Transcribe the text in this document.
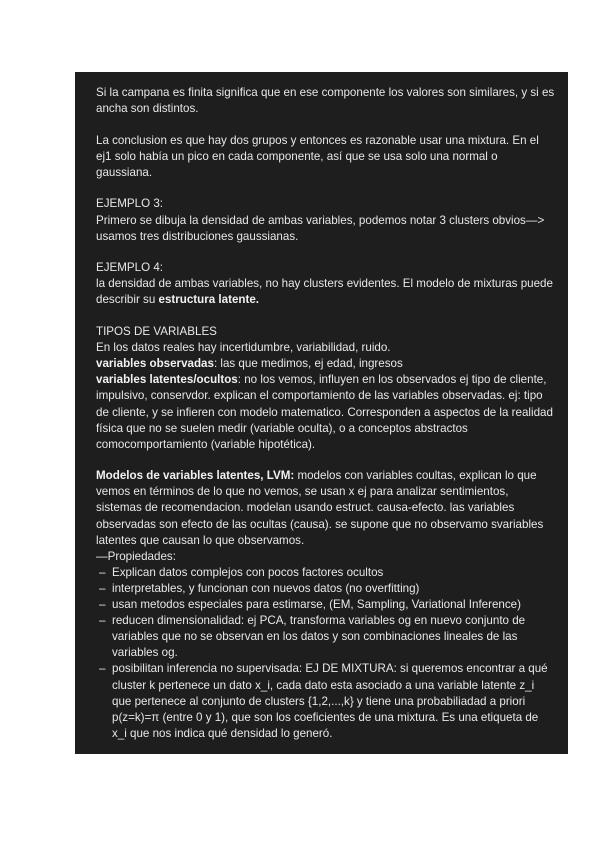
Si la campana es finita significa que en ese componente los valores son similares, y si es ancha son distintos.

La conclusion es que hay dos grupos y entonces es razonable usar una mixtura. En el ej1 solo había un pico en cada componente, así que se usa solo una normal o gaussiana.

EJEMPLO 3:
Primero se dibuja la densidad de ambas variables, podemos notar 3 clusters obvios—> usamos tres distribuciones gaussianas.
EJEMPLO 4:
la densidad de ambas variables, no hay clusters evidentes. El modelo de mixturas puede describir su estructura latente.
TIPOS DE VARIABLES
En los datos reales hay incertidumbre, variabilidad, ruido.
variables observadas: las que medimos, ej edad, ingresos
variables latentes/ocultos: no los vemos, influyen en los observados ej tipo de cliente, impulsivo, conservdor. explican el comportamiento de las variables observadas. ej: tipo de cliente, y se infieren con modelo matematico. Corresponden a aspectos de la realidad física que no se suelen medir (variable oculta), o a conceptos abstractos comocomportamiento (variable hipotética).
Modelos de variables latentes, LVM: modelos con variables coultas, explican lo que vemos en términos de lo que no vemos, se usan x ej para analizar sentimientos, sistemas de recomendacion. modelan usando estruct. causa-efecto. las variables observadas son efecto de las ocultas (causa). se supone que no observamo svariables latentes que causan lo que observamos.
—Propiedades:
– Explican datos complejos con pocos factores ocultos
– interpretables, y funcionan con nuevos datos (no overfitting)
– usan metodos especiales para estimarse, (EM, Sampling, Variational Inference)
– reducen dimensionalidad: ej PCA, transforma variables og en nuevo conjunto de variables que no se observan en los datos y son combinaciones lineales de las variables og.
– posibilitan inferencia no supervisada: EJ DE MIXTURA: si queremos encontrar a qué cluster k pertenece un dato x_i, cada dato esta asociado a una variable latente z_i que pertenece al conjunto de clusters {1,2,...,k} y tiene una probabiliadad a priori p(z=k)=π (entre 0 y 1), que son los coeficientes de una mixtura. Es una etiqueta de x_i que nos indica qué densidad lo generó.
